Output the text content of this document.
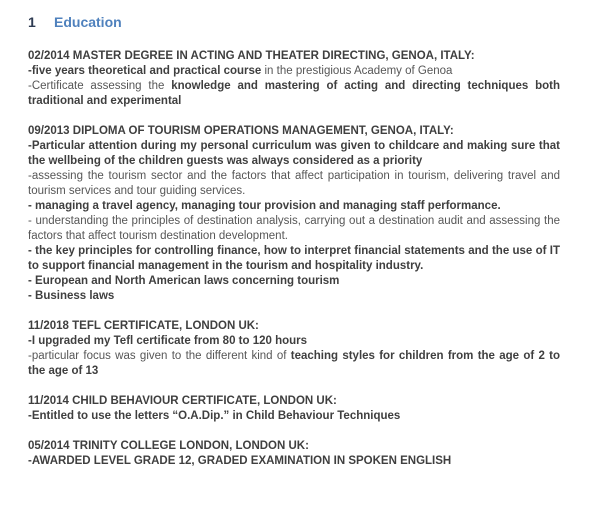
1 Education

02/2014 MASTER DEGREE IN ACTING AND THEATER DIRECTING, GENOA, ITALY:

-five years theoretical and practical course in the prestigious Academy of Genoa

-Certificate assessing the knowledge and mastering of acting and directing techniques both traditional and experimental

09/2013 DIPLOMA OF TOURISM OPERATIONS MANAGEMENT, GENOA, ITALY:

-Particular attention during my personal curriculum was given to childcare and making sure that the wellbeing of the children guests was always considered as a priority

-assessing the tourism sector and the factors that affect participation in tourism, delivering travel and tourism services and tour guiding services.

- managing a travel agency, managing tour provision and managing staff performance.

- understanding the principles of destination analysis, carrying out a destination audit and assessing the factors that affect tourism destination development.

- the key principles for controlling finance, how to interpret financial statements and the use of IT to support financial management in the tourism and hospitality industry.

- European and North American laws concerning tourism

- Business laws

11/2018 TEFL CERTIFICATE, LONDON UK:

-I upgraded my Tefl certificate from 80 to 120 hours

-particular focus was given to the different kind of teaching styles for children from the age of 2 to the age of 13

11/2014 CHILD BEHAVIOUR CERTIFICATE, LONDON UK:

-Entitled to use the letters “O.A.Dip.” in Child Behaviour Techniques

05/2014 TRINITY COLLEGE LONDON, LONDON UK:

-AWARDED LEVEL GRADE 12, GRADED EXAMINATION IN SPOKEN ENGLISH
